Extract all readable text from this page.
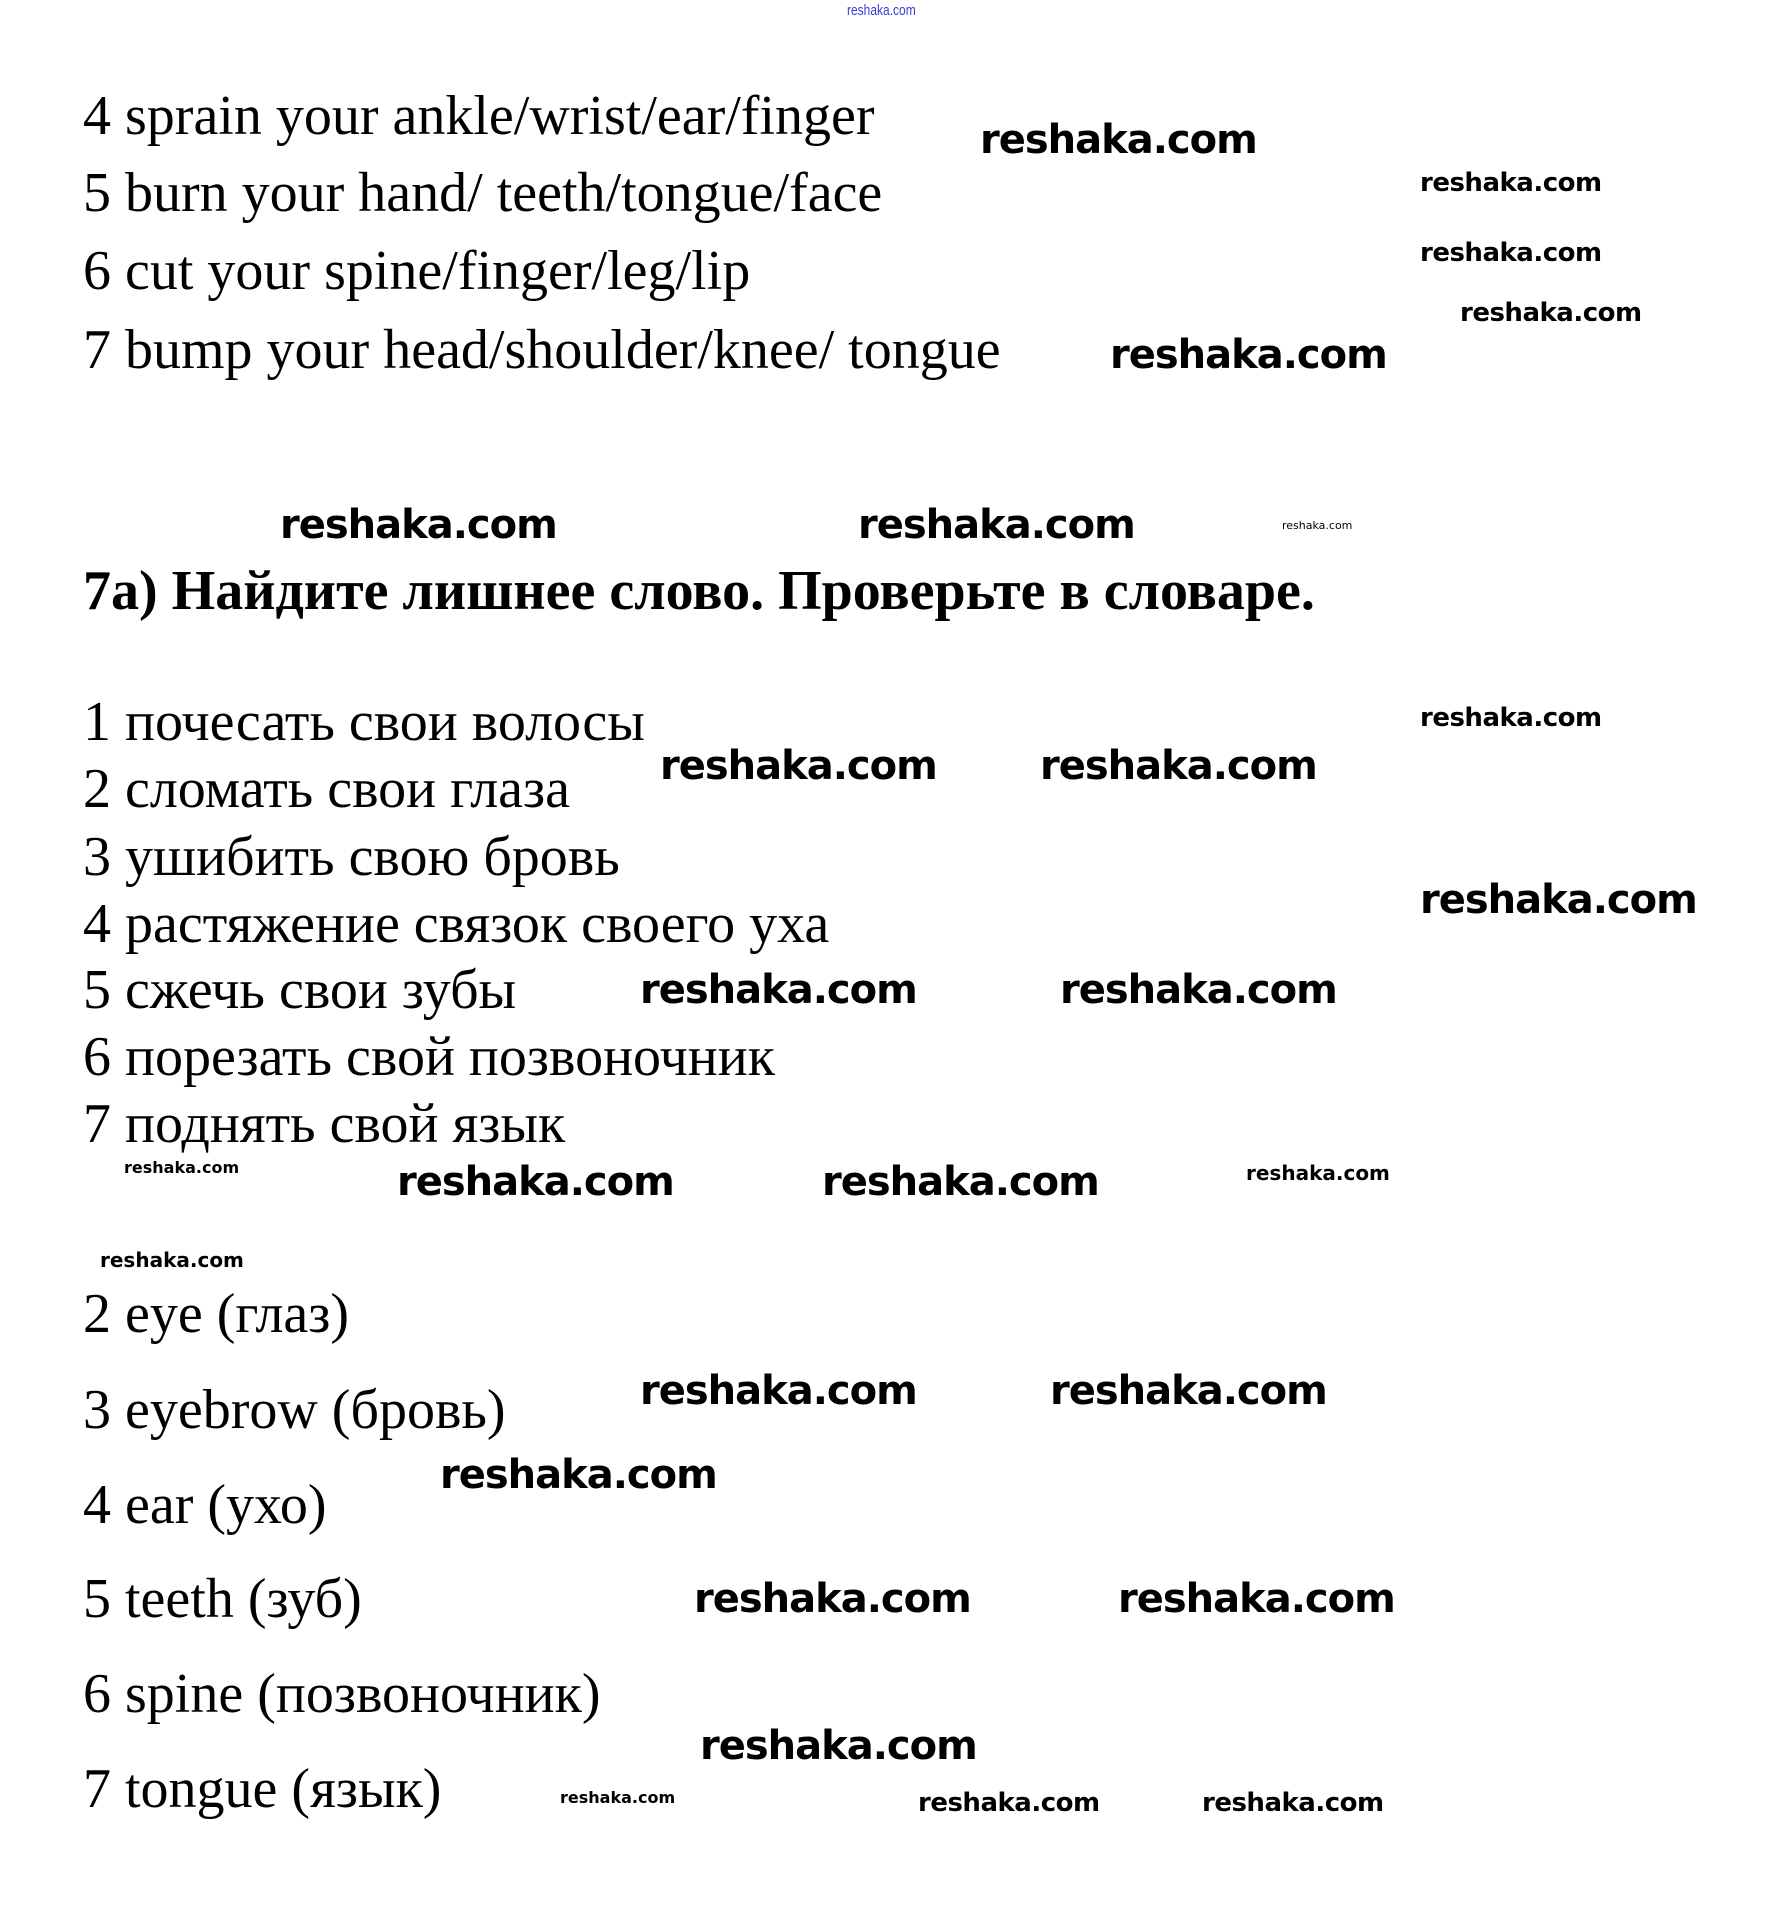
reshaka.com
4 sprain your ankle/wrist/ear/finger
5 burn your hand/ teeth/tongue/face
6 cut your spine/finger/leg/lip
7 bump your head/shoulder/knee/ tongue
7а) Найдите лишнее слово. Проверьте в словаре.
1 почесать свои волосы
2 сломать свои глаза
3 ушибить свою бровь
4 растяжение связок своего уха
5 сжечь свои зубы
6 порезать свой позвоночник
7 поднять свой язык
2 eye (глаз)
3 eyebrow (бровь)
4 ear (ухо)
5 teeth (зуб)
6 spine (позвоночник)
7 tongue (язык)
reshaka.com
reshaka.com
reshaka.com
reshaka.com
reshaka.com
reshaka.com	reshaka.com	reshaka.com
reshaka.com
reshaka.com	reshaka.com
reshaka.com
reshaka.com	reshaka.com
reshaka.com	reshaka.com	reshaka.com	reshaka.com
reshaka.com
reshaka.com	reshaka.com
reshaka.com
reshaka.com	reshaka.com
reshaka.com
reshaka.com	reshaka.com	reshaka.com
